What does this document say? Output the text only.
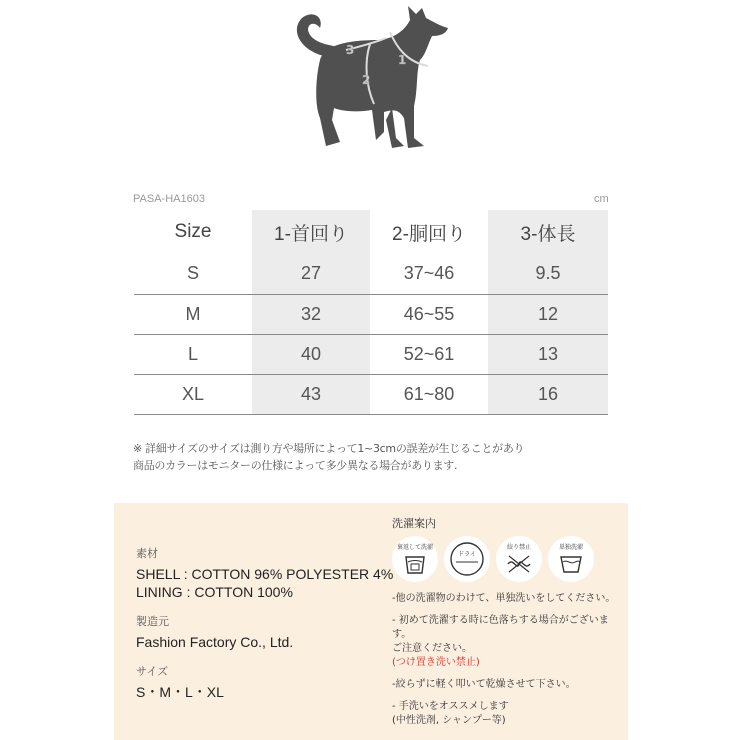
1
2
3
PASA-HA1603	cm
Size	1-首回り	2-胴回り	3-体長
S	27	37~46	9.5
M	32	46~55	12
L	40	52~61	13
XL	43	61~80	16
※ 詳細サイズのサイズは測り方や場所によって1~3cmの誤差が生じることがあり
商品のカラーはモニターの仕様によって多少異なる場合があります.
素材
SHELL : COTTON 96% POLYESTER 4%
LINING : COTTON 100%
製造元
Fashion Factory Co., Ltd.
サイズ
S・M・L・XL
洗濯案内
裏返して洗濯
ドライ
絞り禁止	単独洗濯
-他の洗濯物のわけて、単独洗いをしてください。
- 初めて洗濯する時に色落ちする場合がございます。
ご注意ください。
(つけ置き洗い禁止)
-絞らずに軽く叩いて乾燥させて下さい。
- 手洗いをオススメします
(中性洗剤, シャンプー等)
